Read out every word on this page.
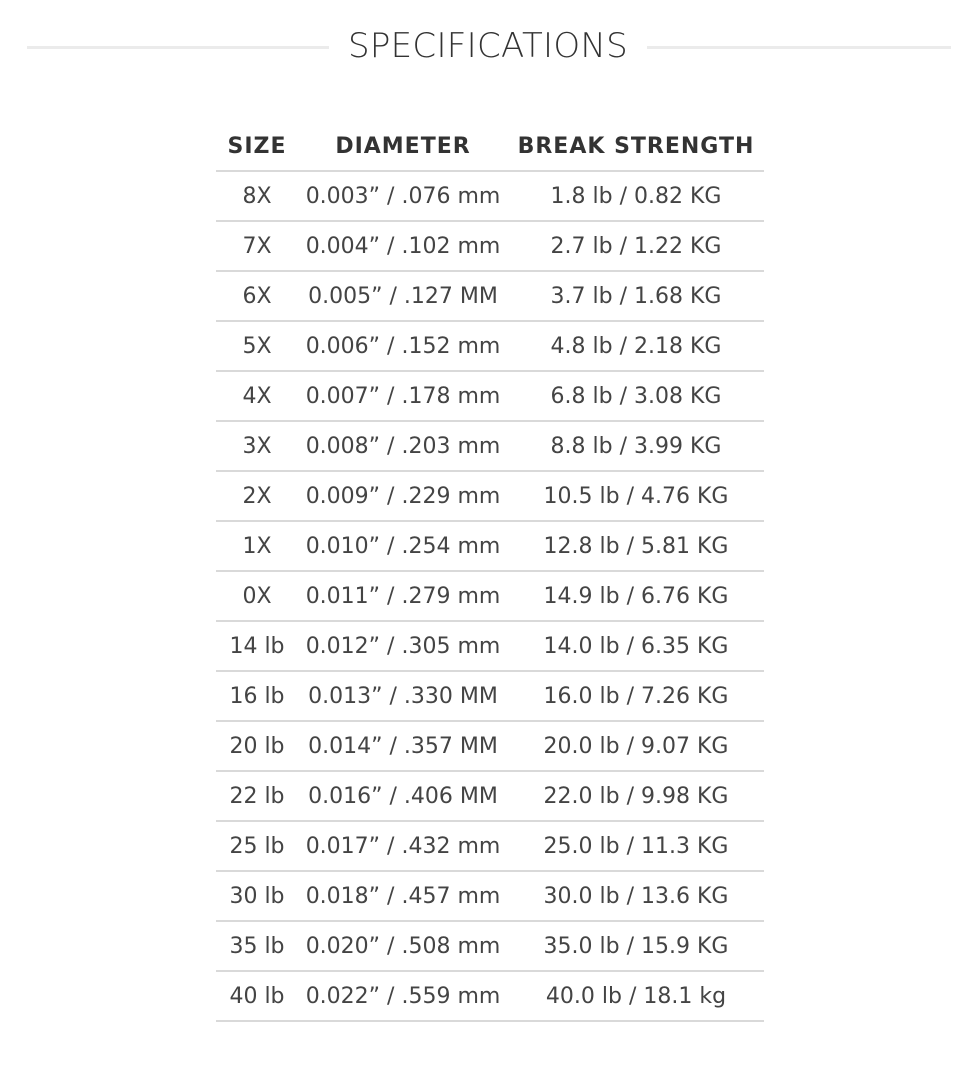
SPECIFICATIONS
SIZE	DIAMETER	BREAK STRENGTH
8X	0.003” / .076 mm	1.8 lb / 0.82 KG
7X	0.004” / .102 mm	2.7 lb / 1.22 KG
6X	0.005” / .127 MM	3.7 lb / 1.68 KG
5X	0.006” / .152 mm	4.8 lb / 2.18 KG
4X	0.007” / .178 mm	6.8 lb / 3.08 KG
3X	0.008” / .203 mm	8.8 lb / 3.99 KG
2X	0.009” / .229 mm	10.5 lb / 4.76 KG
1X	0.010” / .254 mm	12.8 lb / 5.81 KG
0X	0.011” / .279 mm	14.9 lb / 6.76 KG
14 lb	0.012” / .305 mm	14.0 lb / 6.35 KG
16 lb	0.013” / .330 MM	16.0 lb / 7.26 KG
20 lb	0.014” / .357 MM	20.0 lb / 9.07 KG
22 lb	0.016” / .406 MM	22.0 lb / 9.98 KG
25 lb	0.017” / .432 mm	25.0 lb / 11.3 KG
30 lb	0.018” / .457 mm	30.0 lb / 13.6 KG
35 lb	0.020” / .508 mm	35.0 lb / 15.9 KG
40 lb	0.022” / .559 mm	40.0 lb / 18.1 kg
